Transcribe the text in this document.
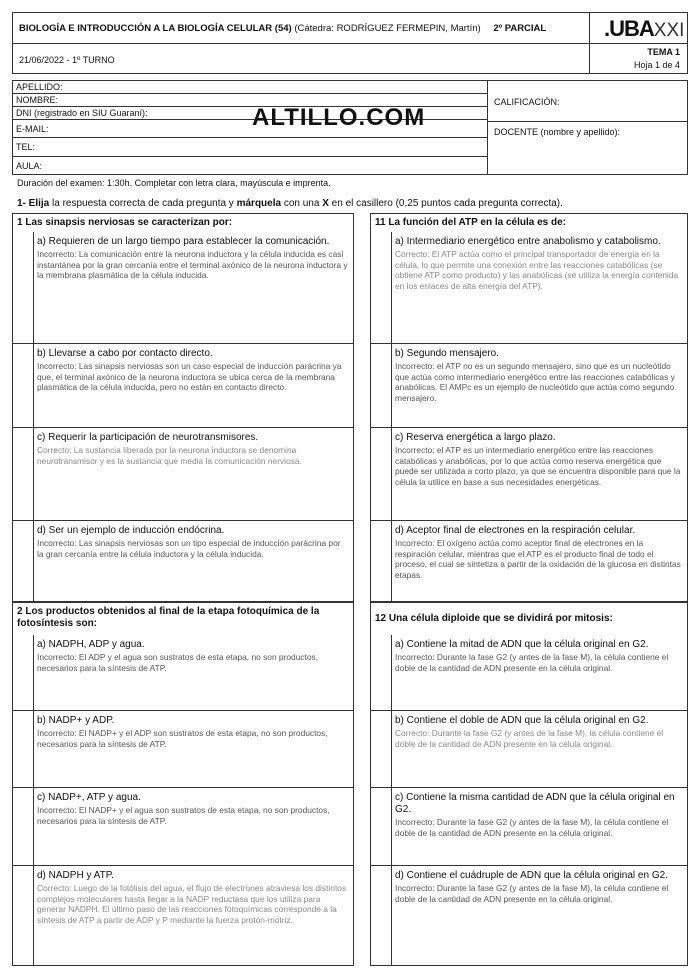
BIOLOGÍA E INTRODUCCIÓN A LA BIOLOGÍA CELULAR (54) (Cátedra: RODRÍGUEZ FERMEPIN, Martín) 2º PARCIAL	.UBAXXI
21/06/2022 - 1º TURNO
TEMA 1
Hoja 1 de 4
APELLIDO:
NOMBRE:
DNI (registrado en SIU Guaraní):
E-MAIL:
TEL:
AULA:
CALIFICACIÓN:
DOCENTE (nombre y apellido):
ALTILLO.COM
Duración del examen: 1:30h. Completar con letra clara, mayúscula e imprenta.
1- Elija la respuesta correcta de cada pregunta y márquela con una X en el casillero (0,25 puntos cada pregunta correcta).
1 Las sinapsis nerviosas se caracterizan por:
a) Requieren de un largo tiempo para establecer la comunicación.
Incorrecto: La comunicación entre la neurona inductora y la célula inducida es casi instantánea por la gran cercanía entre el terminal axónico de la neurona inductora y la membrana plasmática de la célula inducida.
b) Llevarse a cabo por contacto directo.
Incorrecto: Las sinapsis nerviosas son un caso especial de inducción parácrina ya que, el terminal axónico de la neurona inductora se ubica cerca de la membrana plasmática de la célula inducida, pero no están en contacto directo.
c) Requerir la participación de neurotransmisores.
Correcto: La sustancia liberada por la neurona inductora se denomina neurotransmisor y es la sustancia que media la comunicación nerviosa.
d) Ser un ejemplo de inducción endócrina.
Incorrecto: Las sinapsis nerviosas son un tipo especial de inducción parácrina por la gran cercanía entre la célula inductora y la célula inducida.
11 La función del ATP en la célula es de:
a) Intermediario energético entre anabolismo y catabolismo.
Correcto: El ATP actúa como el principal transportador de energía en la célula, lo que permite una conexión entre las reacciones catabólicas (se obtiene ATP como producto) y las anabólicas (se utiliza la energía contenida en los enlaces de alta energía del ATP).
b) Segundo mensajero.
Incorrecto: el ATP no es un segundo mensajero, sino que es un nucleótido que actúa como intermediario energético entre las reacciones catabólicas y anabólicas. El AMPc es un ejemplo de nucleótido que actúa como segundo mensajero.
c) Reserva energética a largo plazo.
Incorrecto: el ATP es un intermediario energético entre las reacciones catabólicas y anabólicas, por lo que actúa como reserva energética que puede ser utilizada a corto plazo, ya que se encuentra disponible para que la célula la utilice en base a sus necesidades energéticas.
d) Aceptor final de electrones en la respiración celular.
Incorrecto: El oxígeno actúa como aceptor final de electrones en la respiración celular, mientras que el ATP es el producto final de todo el proceso, el cual se sintetiza a partir de la oxidación de la glucosa en distintas etapas.
2 Los productos obtenidos al final de la etapa fotoquímica de la fotosíntesis son:
a) NADPH, ADP y agua.
Incorrecto: El ADP y el agua son sustratos de esta etapa, no son productos, necesarios para la síntesis de ATP.
b) NADP+ y ADP.
Incorrecto: El NADP+ y el ADP son sustratos de esta etapa, no son productos, necesarios para la síntesis de ATP.
c) NADP+, ATP y agua.
Incorrecto: El NADP+ y el agua son sustratos de esta etapa, no son productos, necesarios para la síntesis de ATP.
d) NADPH y ATP.
Correcto: Luego de la fotólisis del agua, el flujo de electrones atraviesa los distintos complejos moleculares hasta llegar a la NADP reductasa que los utiliza para generar NADPH. El último paso de las reacciones fotoquímicas corresponde a la síntesis de ATP a partir de ADP y P mediante la fuerza protón-motriz.
12 Una célula diploide que se dividirá por mitosis:
a) Contiene la mitad de ADN que la célula original en G2.
Incorrecto: Durante la fase G2 (y antes de la fase M), la célula contiene el doble de la cantidad de ADN presente en la célula original.
b) Contiene el doble de ADN que la célula original en G2.
Correcto: Durante la fase G2 (y antes de la fase M), la célula contiene el doble de la cantidad de ADN presente en la célula original.
c) Contiene la misma cantidad de ADN que la célula original en G2.
Incorrecto: Durante la fase G2 (y antes de la fase M), la célula contiene el doble de la cantidad de ADN presente en la célula original.
d) Contiene el cuádruple de ADN que la célula original en G2.
Incorrecto: Durante la fase G2 (y antes de la fase M), la célula contiene el doble de la cantidad de ADN presente en la célula original.
